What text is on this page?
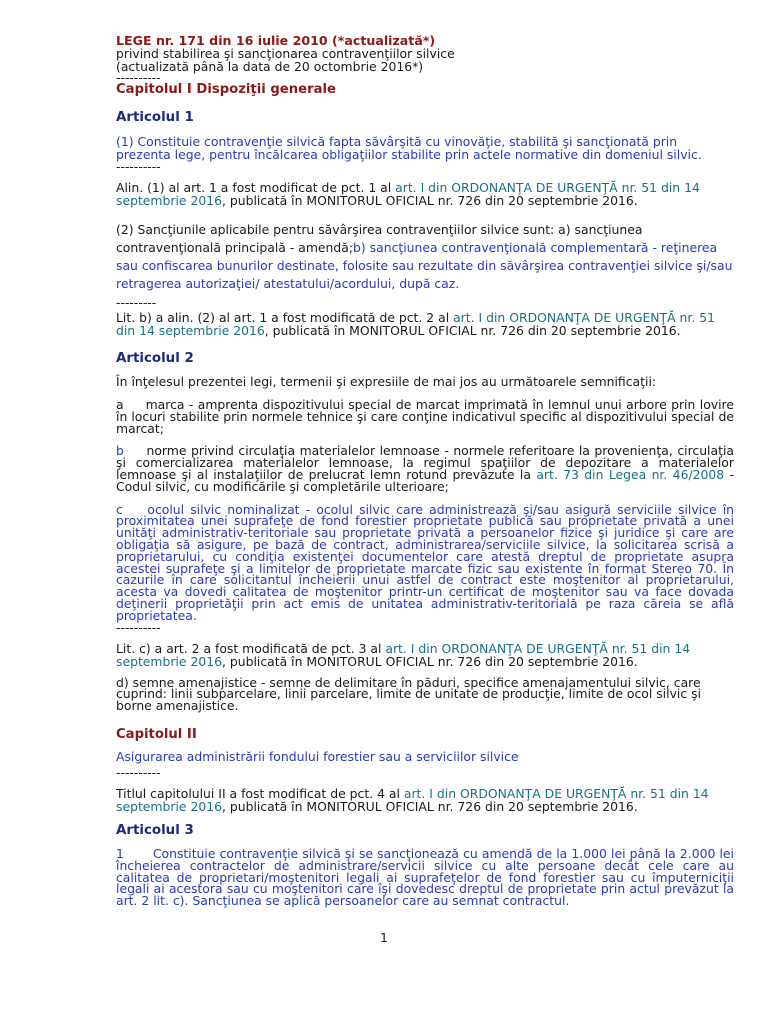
LEGE nr. 171 din 16 iulie 2010 (*actualizată*)
privind stabilirea şi sancţionarea contravenţiilor silvice
(actualizată până la data de 20 octombrie 2016*)
----------
Capitolul I Dispoziţii generale
Articolul 1

(1) Constituie contravenţie silvică fapta săvârşită cu vinovăţie, stabilită şi sancţionată prin prezenta lege, pentru încălcarea obligaţiilor stabilite prin actele normative din domeniul silvic.

----------

Alin. (1) al art. 1 a fost modificat de pct. 1 al art. I din ORDONANŢA DE URGENŢĂ nr. 51 din 14 septembrie 2016, publicată în MONITORUL OFICIAL nr. 726 din 20 septembrie 2016.

(2) Sancţiunile aplicabile pentru săvârşirea contravenţiilor silvice sunt: a) sancţiunea contravenţională principală - amendă;b) sancţiunea contravenţională complementară - reţinerea sau confiscarea bunurilor destinate, folosite sau rezultate din săvârşirea contravenţiei silvice şi/sau retragerea autorizaţiei/ atestatului/acordului, după caz.

---------

Lit. b) a alin. (2) al art. 1 a fost modificată de pct. 2 al art. I din ORDONANŢA DE URGENŢĂ nr. 51 din 14 septembrie 2016, publicată în MONITORUL OFICIAL nr. 726 din 20 septembrie 2016.

Articolul 2

În înţelesul prezentei legi, termenii şi expresiile de mai jos au următoarele semnificaţii:

a marca - amprenta dispozitivului special de marcat imprimată în lemnul unui arbore prin lovire în locuri stabilite prin normele tehnice şi care conţine indicativul specific al dispozitivului special de marcat;

b norme privind circulaţia materialelor lemnoase - normele referitoare la provenienţa, circulaţia şi comercializarea materialelor lemnoase, la regimul spaţiilor de depozitare a materialelor lemnoase şi al instalaţiilor de prelucrat lemn rotund prevăzute la art. 73 din Legea nr. 46/2008 - Codul silvic, cu modificările şi completările ulterioare;

c ocolul silvic nominalizat - ocolul silvic care administrează şi/sau asigură serviciile silvice în proximitatea unei suprafeţe de fond forestier proprietate publică sau proprietate privată a unei unităţi administrativ-teritoriale sau proprietate privată a persoanelor fizice şi juridice şi care are obligaţia să asigure, pe bază de contract, administrarea/serviciile silvice, la solicitarea scrisă a proprietarului, cu condiţia existenţei documentelor care atestă dreptul de proprietate asupra acestei suprafeţe şi a limitelor de proprietate marcate fizic sau existente în format Stereo 70. În cazurile în care solicitantul încheierii unui astfel de contract este moştenitor al proprietarului, acesta va dovedi calitatea de moştenitor printr-un certificat de moştenitor sau va face dovada deţinerii proprietăţii prin act emis de unitatea administrativ-teritorială pe raza căreia se află proprietatea.

----------

Lit. c) a art. 2 a fost modificată de pct. 3 al art. I din ORDONANŢA DE URGENŢĂ nr. 51 din 14 septembrie 2016, publicată în MONITORUL OFICIAL nr. 726 din 20 septembrie 2016.

d) semne amenajistice - semne de delimitare în păduri, specifice amenajamentului silvic, care cuprind: linii subparcelare, linii parcelare, limite de unitate de producţie, limite de ocol silvic şi borne amenajistice.

Capitolul II
Asigurarea administrării fondului forestier sau a serviciilor silvice
----------

Titlul capitolului II a fost modificat de pct. 4 al art. I din ORDONANŢA DE URGENŢĂ nr. 51 din 14 septembrie 2016, publicată în MONITORUL OFICIAL nr. 726 din 20 septembrie 2016.

Articolul 3

1 Constituie contravenţie silvică şi se sancţionează cu amendă de la 1.000 lei până la 2.000 lei încheierea contractelor de administrare/servicii silvice cu alte persoane decât cele care au calitatea de proprietari/moştenitori legali ai suprafeţelor de fond forestier sau cu împuterniciţii legali ai acestora sau cu moştenitori care îşi dovedesc dreptul de proprietate prin actul prevăzut la art. 2 lit. c). Sancţiunea se aplică persoanelor care au semnat contractul.

1
